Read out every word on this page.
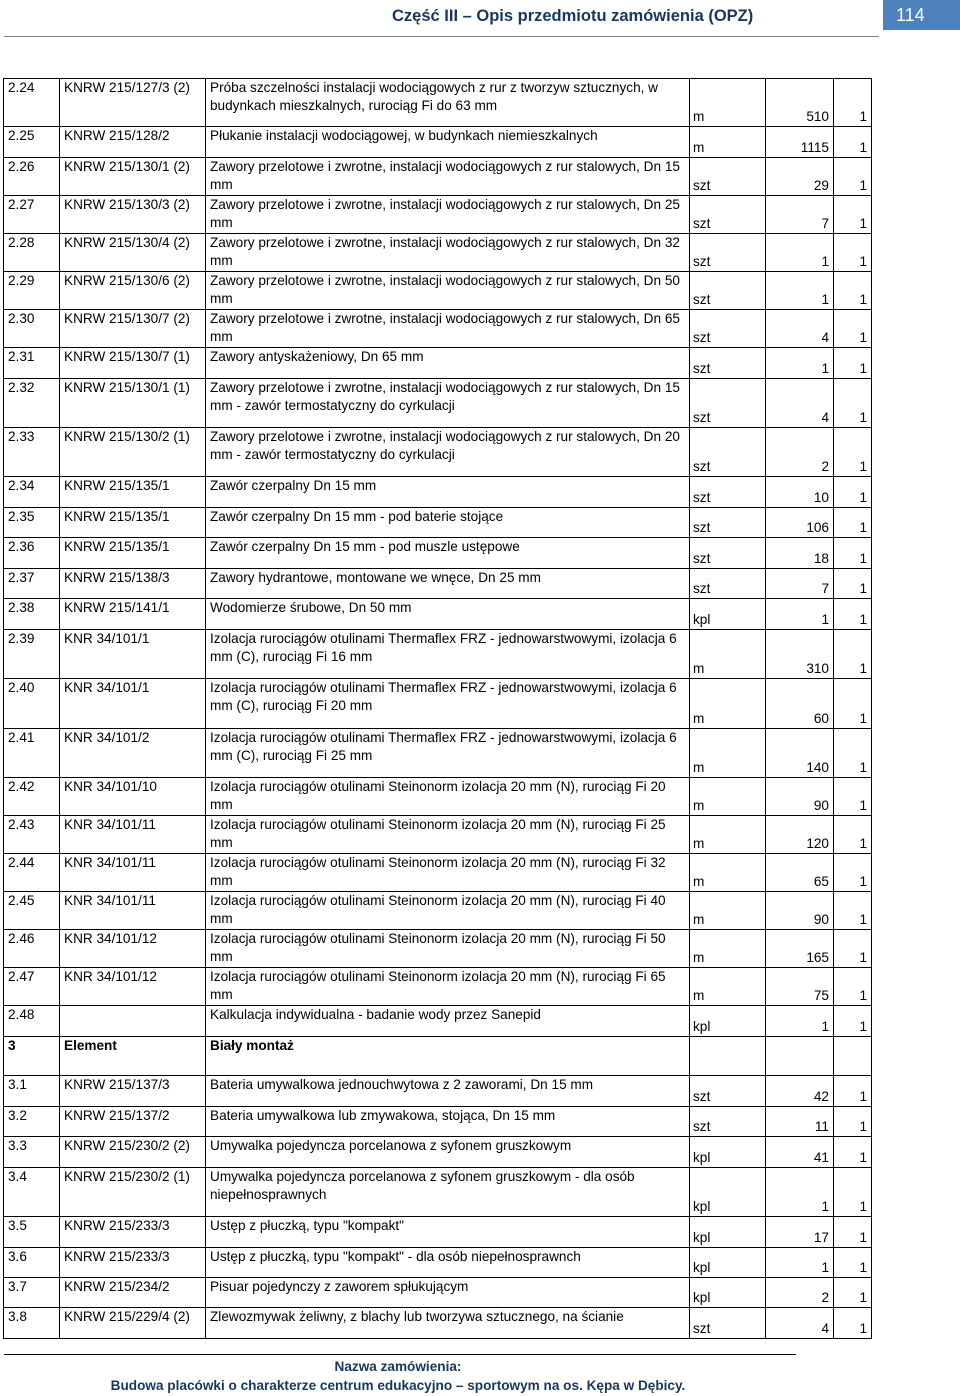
Część III – Opis przedmiotu zamówienia (OPZ)	114
2.24	KNRW 215/127/3 (2)	Próba szczelności instalacji wodociągowych z rur z tworzyw sztucznych, w budynkach mieszkalnych, rurociąg Fi do 63 mm	m	510	1
2.25	KNRW 215/128/2	Płukanie instalacji wodociągowej, w budynkach niemieszkalnych	m	1115	1
2.26	KNRW 215/130/1 (2)	Zawory przelotowe i zwrotne, instalacji wodociągowych z rur stalowych, Dn 15 mm	szt	29	1
2.27	KNRW 215/130/3 (2)	Zawory przelotowe i zwrotne, instalacji wodociągowych z rur stalowych, Dn 25 mm	szt	7	1
2.28	KNRW 215/130/4 (2)	Zawory przelotowe i zwrotne, instalacji wodociągowych z rur stalowych, Dn 32 mm	szt	1	1
2.29	KNRW 215/130/6 (2)	Zawory przelotowe i zwrotne, instalacji wodociągowych z rur stalowych, Dn 50 mm	szt	1	1
2.30	KNRW 215/130/7 (2)	Zawory przelotowe i zwrotne, instalacji wodociągowych z rur stalowych, Dn 65 mm	szt	4	1
2.31	KNRW 215/130/7 (1)	Zawory antyskażeniowy, Dn 65 mm	szt	1	1
2.32	KNRW 215/130/1 (1)	Zawory przelotowe i zwrotne, instalacji wodociągowych z rur stalowych, Dn 15 mm - zawór termostatyczny do cyrkulacji	szt	4	1
2.33	KNRW 215/130/2 (1)	Zawory przelotowe i zwrotne, instalacji wodociągowych z rur stalowych, Dn 20 mm - zawór termostatyczny do cyrkulacji	szt	2	1
2.34	KNRW 215/135/1	Zawór czerpalny Dn 15 mm	szt	10	1
2.35	KNRW 215/135/1	Zawór czerpalny Dn 15 mm - pod baterie stojące	szt	106	1
2.36	KNRW 215/135/1	Zawór czerpalny Dn 15 mm - pod muszle ustępowe	szt	18	1
2.37	KNRW 215/138/3	Zawory hydrantowe, montowane we wnęce, Dn 25 mm	szt	7	1
2.38	KNRW 215/141/1	Wodomierze śrubowe, Dn 50 mm	kpl	1	1
2.39	KNR 34/101/1	Izolacja rurociągów otulinami Thermaflex FRZ - jednowarstwowymi, izolacja 6 mm (C), rurociąg Fi 16 mm	m	310	1
2.40	KNR 34/101/1	Izolacja rurociągów otulinami Thermaflex FRZ - jednowarstwowymi, izolacja 6 mm (C), rurociąg Fi 20 mm	m	60	1
2.41	KNR 34/101/2	Izolacja rurociągów otulinami Thermaflex FRZ - jednowarstwowymi, izolacja 6 mm (C), rurociąg Fi 25 mm	m	140	1
2.42	KNR 34/101/10	Izolacja rurociągów otulinami Steinonorm izolacja 20 mm (N), rurociąg Fi 20 mm	m	90	1
2.43	KNR 34/101/11	Izolacja rurociągów otulinami Steinonorm izolacja 20 mm (N), rurociąg Fi 25 mm	m	120	1
2.44	KNR 34/101/11	Izolacja rurociągów otulinami Steinonorm izolacja 20 mm (N), rurociąg Fi 32 mm	m	65	1
2.45	KNR 34/101/11	Izolacja rurociągów otulinami Steinonorm izolacja 20 mm (N), rurociąg Fi 40 mm	m	90	1
2.46	KNR 34/101/12	Izolacja rurociągów otulinami Steinonorm izolacja 20 mm (N), rurociąg Fi 50 mm	m	165	1
2.47	KNR 34/101/12	Izolacja rurociągów otulinami Steinonorm izolacja 20 mm (N), rurociąg Fi 65 mm	m	75	1
2.48		Kalkulacja indywidualna - badanie wody przez Sanepid	kpl	1	1
3	Element	Biały montaż			
3.1	KNRW 215/137/3	Bateria umywalkowa jednouchwytowa z 2 zaworami, Dn 15 mm	szt	42	1
3.2	KNRW 215/137/2	Bateria umywalkowa lub zmywakowa, stojąca, Dn 15 mm	szt	11	1
3.3	KNRW 215/230/2 (2)	Umywalka pojedyncza porcelanowa z syfonem gruszkowym	kpl	41	1
3.4	KNRW 215/230/2 (1)	Umywalka pojedyncza porcelanowa z syfonem gruszkowym - dla osób niepełnosprawnych	kpl	1	1
3.5	KNRW 215/233/3	Ustęp z płuczką, typu "kompakt"	kpl	17	1
3.6	KNRW 215/233/3	Ustęp z płuczką, typu "kompakt" - dla osób niepełnosprawnch	kpl	1	1
3.7	KNRW 215/234/2	Pisuar pojedynczy z zaworem spłukującym	kpl	2	1
3.8	KNRW 215/229/4 (2)	Zlewozmywak żeliwny, z blachy lub tworzywa sztucznego, na ścianie	szt	4	1
Nazwa zamówienia:
Budowa placówki o charakterze centrum edukacyjno – sportowym na os. Kępa w Dębicy.
